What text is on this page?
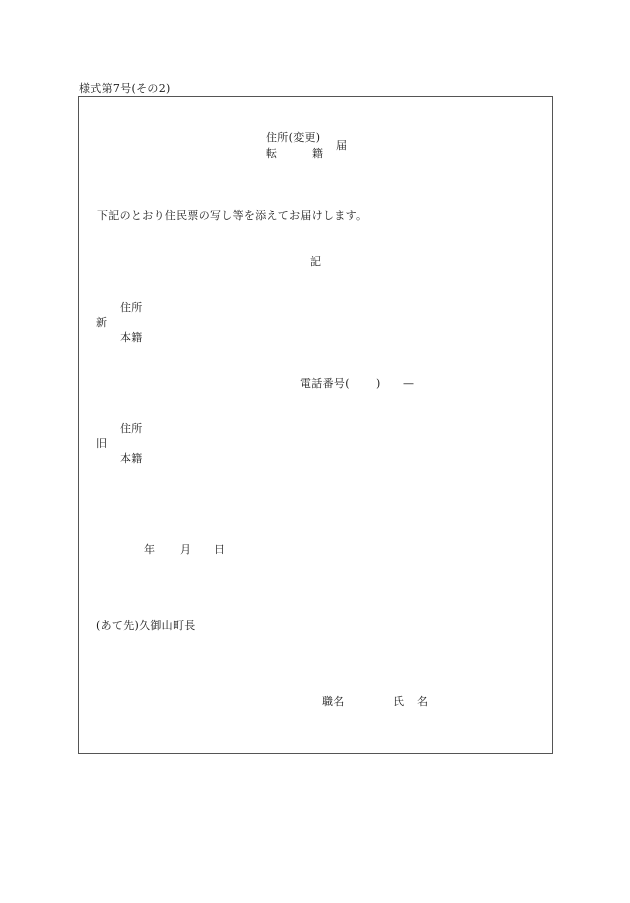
様式第7号(その2)
住所(変更)
転	籍
届
下記のとおり住民票の写し等を添えてお届けします。
記
住所
新
本籍
電話番号( ) —
住所
旧
本籍
年 月 日
(あて先)久御山町長
職名	氏 名
